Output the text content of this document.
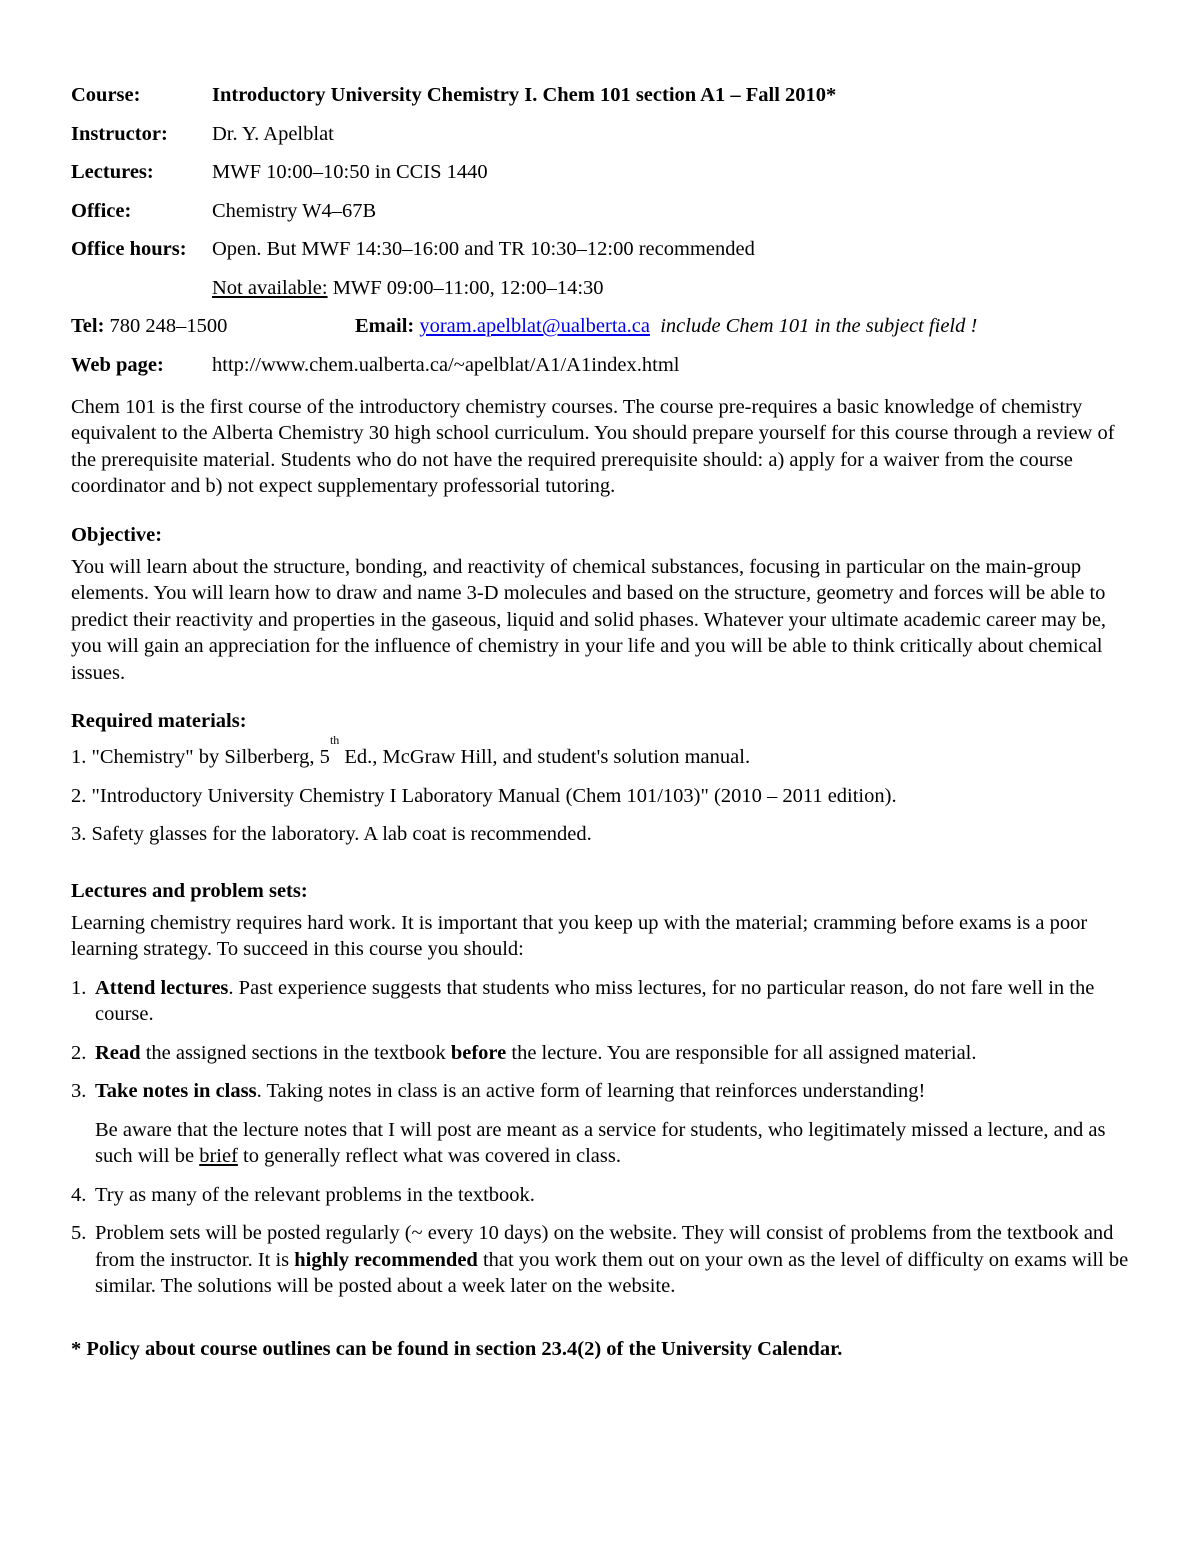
Course:	Introductory University Chemistry I. Chem 101 section A1 – Fall 2010*
Instructor:	Dr. Y. Apelblat
Lectures:	MWF 10:00–10:50 in CCIS 1440
Office:	Chemistry W4–67B
Office hours:	Open. But MWF 14:30–16:00 and TR 10:30–12:00 recommended
Not available: MWF 09:00–11:00, 12:00–14:30
Tel: 780 248–1500	Email:
yoram.apelblat@ualberta.ca
include Chem 101 in the subject field !
Web page:	http://www.chem.ualberta.ca/~apelblat/A1/A1index.html

Chem 101 is the first course of the introductory chemistry courses. The course pre-requires a basic knowledge of chemistry equivalent to the Alberta Chemistry 30 high school curriculum. You should prepare yourself for this course through a review of the prerequisite material. Students who do not have the required prerequisite should: a) apply for a waiver from the course coordinator and b) not expect supplementary professorial tutoring.

Objective:

You will learn about the structure, bonding, and reactivity of chemical substances, focusing in particular on the main-group elements. You will learn how to draw and name 3-D molecules and based on the structure, geometry and forces will be able to predict their reactivity and properties in the gaseous, liquid and solid phases. Whatever your ultimate academic career may be, you will gain an appreciation for the influence of chemistry in your life and you will be able to think critically about chemical issues.

Required materials:

1. "Chemistry" by Silberberg, 5th Ed., McGraw Hill, and student's solution manual.

2. "Introductory University Chemistry I Laboratory Manual (Chem 101/103)" (2010 – 2011 edition).

3. Safety glasses for the laboratory. A lab coat is recommended.

Lectures and problem sets:

Learning chemistry requires hard work. It is important that you keep up with the material; cramming before exams is a poor learning strategy. To succeed in this course you should:

1. Attend lectures. Past experience suggests that students who miss lectures, for no particular reason, do not fare well in the course.

2. Read the assigned sections in the textbook before the lecture. You are responsible for all assigned material.

3. Take notes in class. Taking notes in class is an active form of learning that reinforces understanding!

Be aware that the lecture notes that I will post are meant as a service for students, who legitimately missed a lecture, and as such will be brief to generally reflect what was covered in class.

4. Try as many of the relevant problems in the textbook.

5. Problem sets will be posted regularly (~ every 10 days) on the website. They will consist of problems from the textbook and from the instructor. It is highly recommended that you work them out on your own as the level of difficulty on exams will be similar. The solutions will be posted about a week later on the website.

* Policy about course outlines can be found in section 23.4(2) of the University Calendar.
